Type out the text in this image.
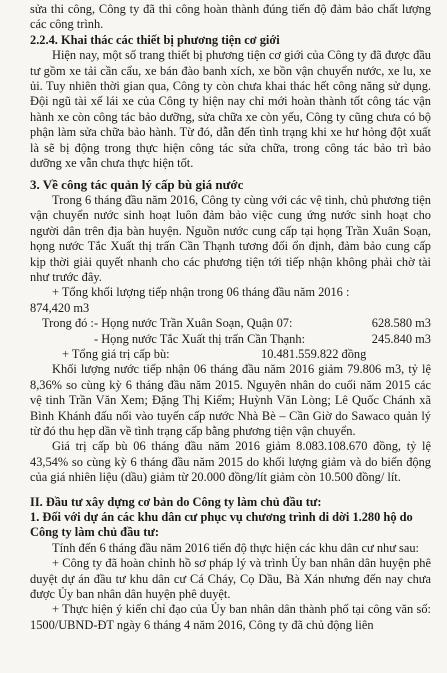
sửa thi công, Công ty đã thi công hoàn thành đúng tiến độ đảm bảo chất lượng các công trình.

2.2.4. Khai thác các thiết bị phương tiện cơ giới

Hiện nay, một số trang thiết bị phương tiện cơ giới của Công ty đã được đầu tư gồm xe tải cần cẩu, xe bán đào banh xích, xe bồn vận chuyển nước, xe lu, xe ủi. Tuy nhiên thời gian qua, Công ty còn chưa khai thác hết công năng sử dụng. Đội ngũ tài xế lái xe của Công ty hiện nay chỉ mới hoàn thành tốt công tác vận hành xe còn công tác bảo dưỡng, sửa chữa xe còn yếu, Công ty cũng chưa có bộ phận làm sửa chữa bảo hành. Từ đó, dẫn đến tình trạng khi xe hư hỏng đột xuất là sẽ bị động trong thực hiện công tác sửa chữa, trong công tác bảo trì bảo dưỡng xe vẫn chưa thực hiện tốt.

3. Về công tác quản lý cấp bù giá nước

Trong 6 tháng đầu năm 2016, Công ty cùng với các vệ tinh, chủ phương tiện vận chuyển nước sinh hoạt luôn đảm bảo việc cung ứng nước sinh hoạt cho người dân trên địa bàn huyện. Nguồn nước cung cấp tại họng Trần Xuân Soạn, họng nước Tắc Xuất thị trấn Cần Thạnh tương đối ổn định, đảm bảo cung cấp kịp thời giải quyết nhanh cho các phương tiện tới tiếp nhận không phải chờ tài như trước đây.

+ Tổng khối lượng tiếp nhận trong 06 tháng đầu năm 2016 :

874,420 m3

Trong đó : - Họng nước Trần Xuân Soạn, Quận 07:	628.580 m3
- Họng nước Tắc Xuất thị trấn Cần Thạnh:	245.840 m3
+ Tổng giá trị cấp bù:	10.481.559.822 đồng

Khối lượng nước tiếp nhận 06 tháng đầu năm 2016 giảm 79.806 m3, tỷ lệ 8,36% so cùng kỳ 6 tháng đầu năm 2015. Nguyên nhân do cuối năm 2015 các vệ tinh Trần Văn Xem; Đặng Thị Kiểm; Huỳnh Văn Lòng; Lê Quốc Chánh xã Bình Khánh đấu nối vào tuyến cấp nước Nhà Bè – Cần Giờ do Sawaco quản lý từ đó thu hẹp dần về tình trạng cấp bằng phương tiện vận chuyển.

Giá trị cấp bù 06 tháng đầu năm 2016 giảm 8.083.108.670 đồng, tỷ lệ 43,54% so cùng kỳ 6 tháng đầu năm 2015 do khối lượng giảm và do biến động của giá nhiên liệu (dầu) giảm từ 20.000 đồng/lít giảm còn 10.500 đồng/ lít.

II. Đầu tư xây dựng cơ bản do Công ty làm chủ đầu tư:

1. Đối với dự án các khu dân cư phục vụ chương trình di dời 1.280 hộ do Công ty làm chủ đầu tư:

Tính đến 6 tháng đầu năm 2016 tiến độ thực hiện các khu dân cư như sau:

+ Công ty đã hoàn chỉnh hồ sơ pháp lý và trình Ủy ban nhân dân huyện phê duyệt dự án đầu tư khu dân cư Cá Cháy, Cọ Dầu, Bà Xán nhưng đến nay chưa được Ủy ban nhân dân huyện phê duyệt.

+ Thực hiện ý kiến chỉ đạo của Ủy ban nhân dân thành phố tại công văn số: 1500/UBND-ĐT ngày 6 tháng 4 năm 2016, Công ty đã chủ động liên
